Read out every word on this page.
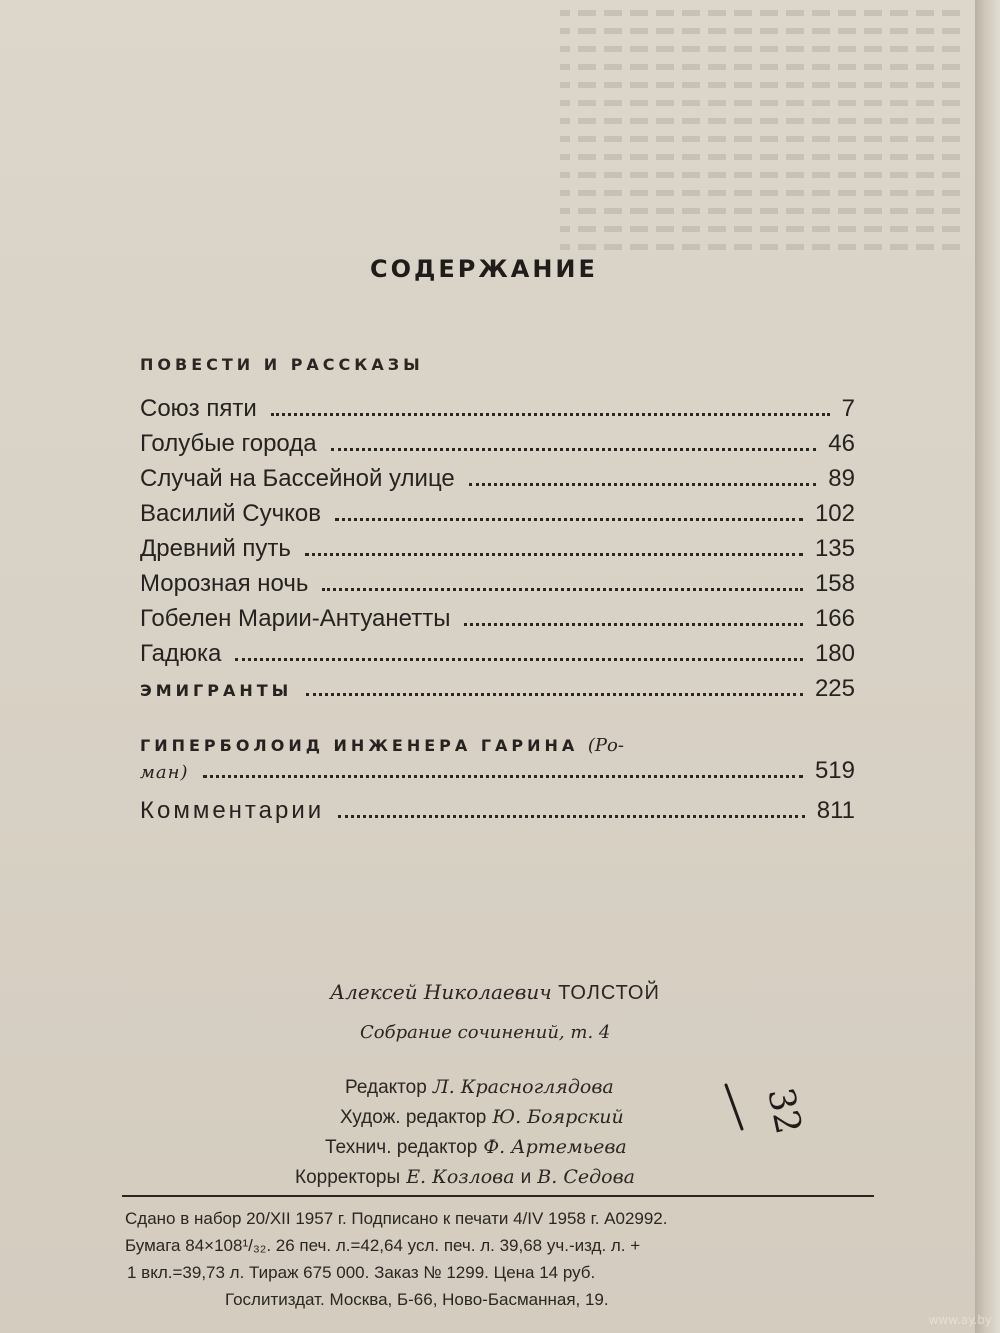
СОДЕРЖАНИЕ
ПОВЕСТИ И РАССКАЗЫ
Союз пяти	7
Голубые города	46
Случай на Бассейной улице	89
Василий Сучков	102
Древний путь	135
Морозная ночь	158
Гобелен Марии-Антуанетты	166
Гадюка	180
ЭМИГРАНТЫ	225
ГИПЕРБОЛОИД ИНЖЕНЕРА ГАРИНА (Ро-
ман)	519
Комментарии	811
Алексей Николаевич ТОЛСТОЙ
Собрание сочинений, т. 4
Редактор Л. Красноглядова
Худож. редактор Ю. Боярский
Технич. редактор Ф. Артемьева
Корректоры Е. Козлова и В. Седова
32
Сдано в набор 20/XII 1957 г. Подписано к печати 4/IV 1958 г. А02992.
Бумага 84×108¹/₃₂. 26 печ. л.=42,64 усл. печ. л. 39,68 уч.-изд. л. +
1 вкл.=39,73 л. Тираж 675 000. Заказ № 1299. Цена 14 руб.
Гослитиздат. Москва, Б-66, Ново-Басманная, 19.
www.ay.by
